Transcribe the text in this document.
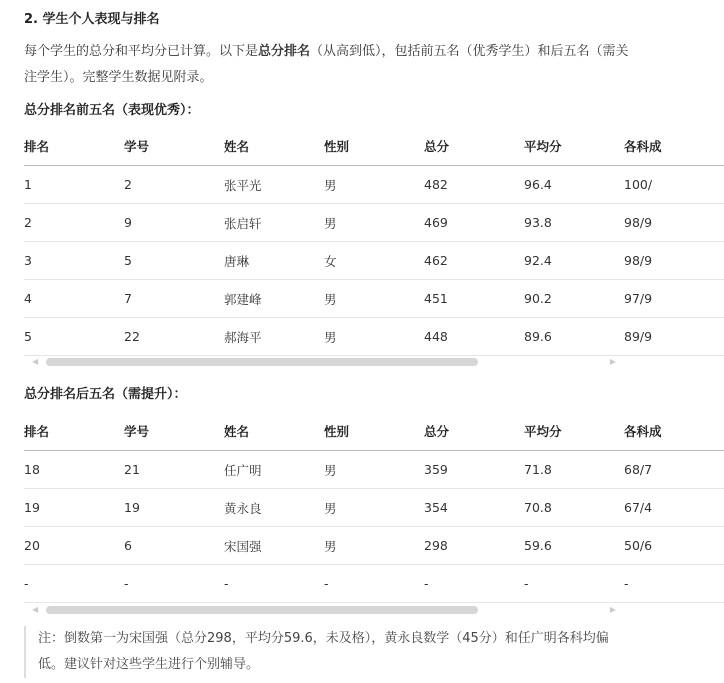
2. 学生个人表现与排名
每个学生的总分和平均分已计算。以下是总分排名（从高到低），包括前五名（优秀学生）和后五名（需关注学生）。完整学生数据见附录。
总分排名前五名（表现优秀）：
排名	学号	姓名	性别	总分	平均分	各科成
1	2	张平光	男	482	96.4	100/
2	9	张启轩	男	469	93.8	98/9
3	5	唐琳	女	462	92.4	98/9
4	7	郭建峰	男	451	90.2	97/9
5	22	郝海平	男	448	89.6	89/9
◀	▶
总分排名后五名（需提升）：
排名	学号	姓名	性别	总分	平均分	各科成
18	21	任广明	男	359	71.8	68/7
19	19	黄永良	男	354	70.8	67/4
20	6	宋国强	男	298	59.6	50/6
-	-	-	-	-	-	-
◀	▶
注：倒数第一为宋国强（总分298，平均分59.6，未及格），黄永良数学（45分）和任广明各科均偏低。建议针对这些学生进行个别辅导。
